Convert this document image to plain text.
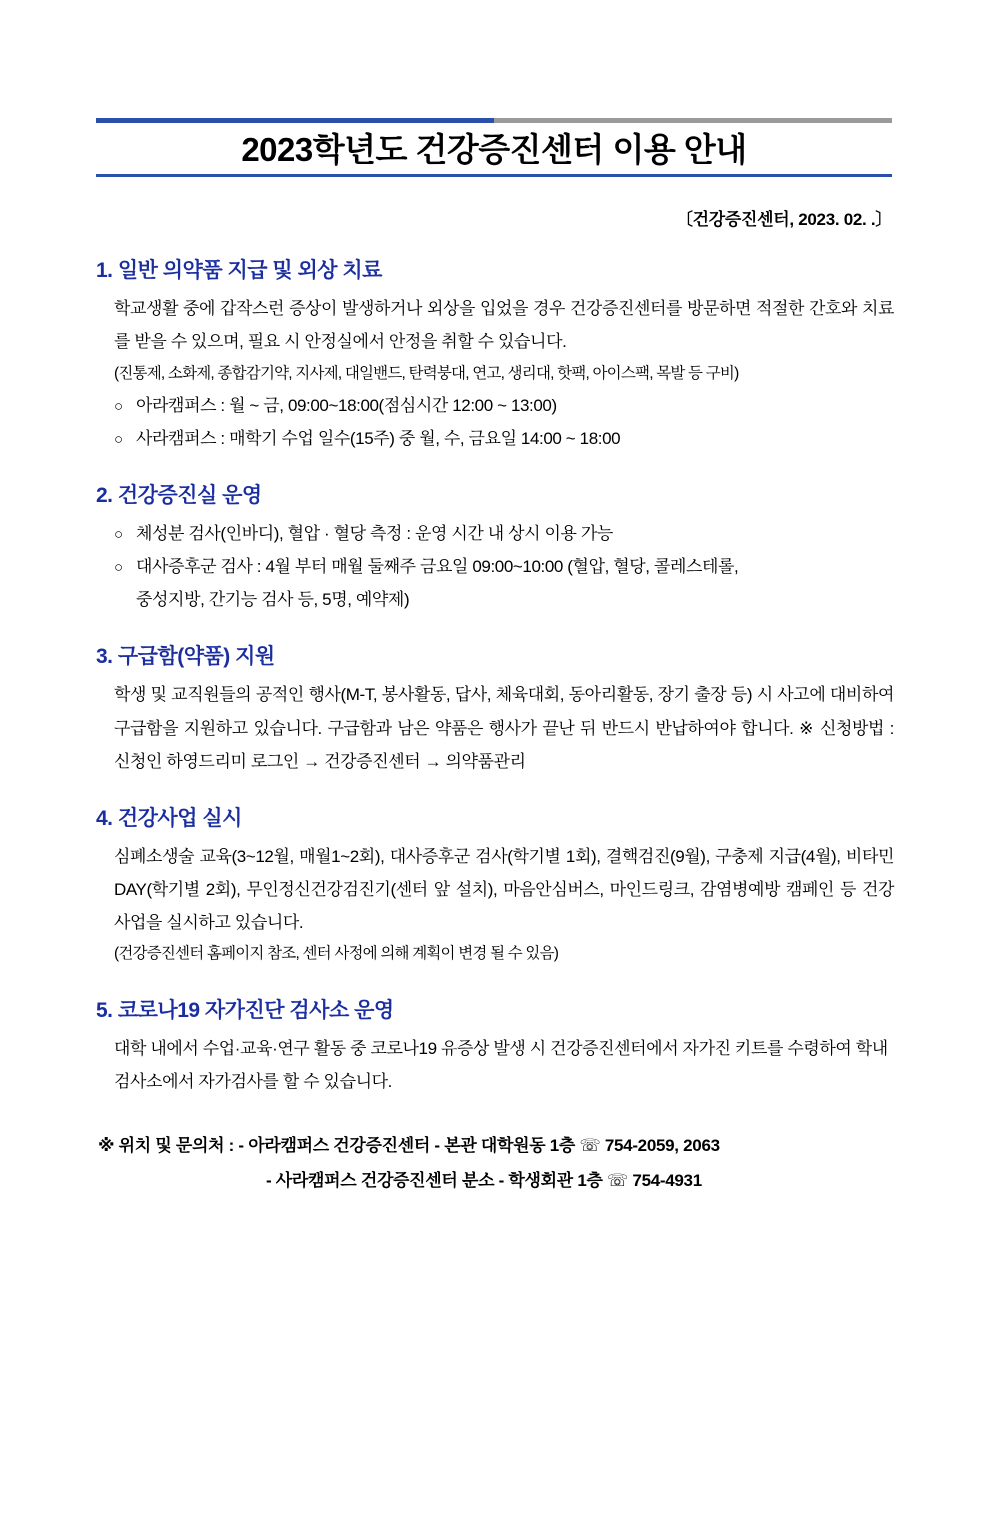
2023학년도 건강증진센터 이용 안내
〔건강증진센터, 2023. 02. .〕
1. 일반 의약품 지급 및 외상 치료
학교생활 중에 갑작스런 증상이 발생하거나 외상을 입었을 경우 건강증진센터를 방문하면 적절한 간호와 치료를 받을 수 있으며, 필요 시 안정실에서 안정을 취할 수 있습니다.
(진통제, 소화제, 종합감기약, 지사제, 대일밴드, 탄력붕대, 연고, 생리대, 핫팩, 아이스팩, 목발 등 구비)
○ 아라캠퍼스 : 월 ~ 금, 09:00~18:00(점심시간 12:00 ~ 13:00)
○ 사라캠퍼스 : 매학기 수업 일수(15주) 중 월, 수, 금요일 14:00 ~ 18:00
2. 건강증진실 운영
○ 체성분 검사(인바디), 혈압 · 혈당 측정 : 운영 시간 내 상시 이용 가능
○ 대사증후군 검사 : 4월 부터 매월 둘째주 금요일 09:00~10:00 (혈압, 혈당, 콜레스테롤,
중성지방, 간기능 검사 등, 5명, 예약제)
3. 구급함(약품) 지원
학생 및 교직원들의 공적인 행사(M-T, 봉사활동, 답사, 체육대회, 동아리활동, 장기 출장 등) 시 사고에 대비하여 구급함을 지원하고 있습니다. 구급함과 남은 약품은 행사가 끝난 뒤 반드시 반납하여야 합니다. ※ 신청방법 : 신청인 하영드리미 로그인 → 건강증진센터 → 의약품관리
4. 건강사업 실시
심폐소생술 교육(3~12월, 매월1~2회), 대사증후군 검사(학기별 1회), 결핵검진(9월), 구충제 지급(4월), 비타민DAY(학기별 2회), 무인정신건강검진기(센터 앞 설치), 마음안심버스, 마인드링크, 감염병예방 캠페인 등 건강사업을 실시하고 있습니다.
(건강증진센터 홈페이지 참조, 센터 사정에 의해 계획이 변경 될 수 있음)
5. 코로나19 자가진단 검사소 운영
대학 내에서 수업·교육·연구 활동 중 코로나19 유증상 발생 시 건강증진센터에서 자가진 키트를 수령하여 학내 검사소에서 자가검사를 할 수 있습니다.
※ 위치 및 문의처 : - 아라캠퍼스 건강증진센터 - 본관 대학원동 1층 ☏ 754-2059, 2063
- 사라캠퍼스 건강증진센터 분소 - 학생회관 1층 ☏ 754-4931
